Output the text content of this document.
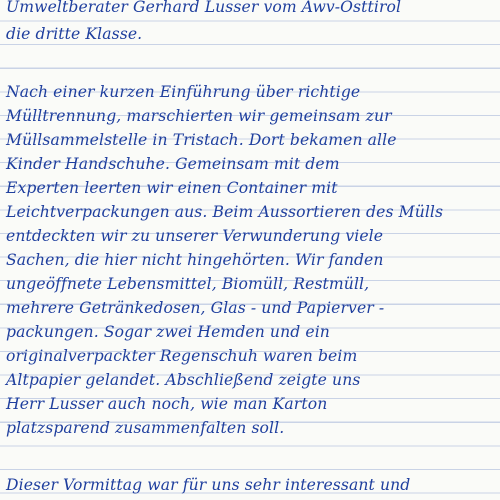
Umweltberater Gerhard Lusser vom Awv-Osttirol
die dritte Klasse.
Nach einer kurzen Einführung über richtige
Mülltrennung, marschierten wir gemeinsam zur
Müllsammelstelle in Tristach. Dort bekamen alle
Kinder Handschuhe. Gemeinsam mit dem
Experten leerten wir einen Container mit
Leichtverpackungen aus. Beim Aussortieren des Mülls
entdeckten wir zu unserer Verwunderung viele
Sachen, die hier nicht hingehörten. Wir fanden
ungeöffnete Lebensmittel, Biomüll, Restmüll,
mehrere Getränkedosen, Glas - und Papierver -
packungen. Sogar zwei Hemden und ein
originalverpackter Regenschuh waren beim
Altpapier gelandet. Abschließend zeigte uns
Herr Lusser auch noch, wie man Karton
platzsparend zusammenfalten soll.
Dieser Vormittag war für uns sehr interessant und
